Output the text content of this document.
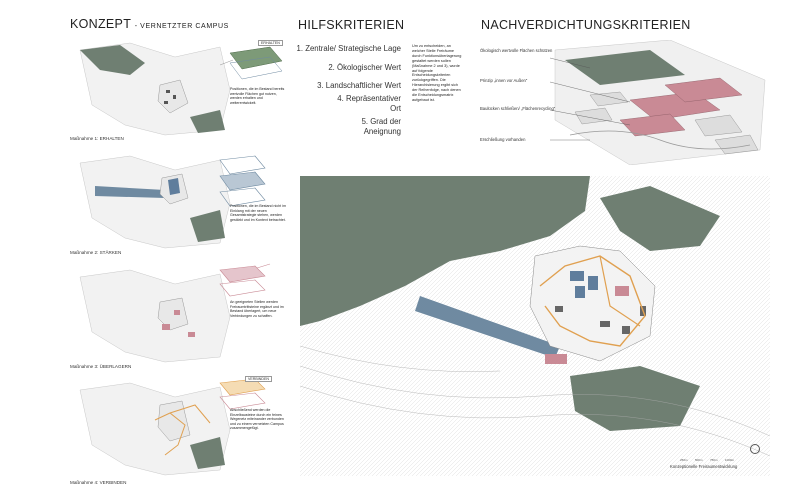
KONZEPT - VERNETZTER CAMPUS
ERHALTEN
Positionen, die im Bestand bereits wertvolle Flächen gut nutzen, werden erhalten und weiterentwickelt.
Maßnahme 1: ERHALTEN
Positionen, die im Bestand nicht im Einklang mit der neuen Gesamtstrategie stehen, werden gestärkt und im Kontext betrachtet.
Maßnahme 2: STÄRKEN
An geeigneten Stellen werden Freiraumtrittsteine ergänzt und im Bestand überlagert, um neue Verbindungen zu schaffen.
Maßnahme 3: ÜBERLAGERN
VERBINDEN
Abschließend werden die Einzelbausteine durch ein feines Wegenetz miteinander verbunden und zu einem vernetzten Campus zusammengefügt.
Maßnahme 4: VERBINDEN
HILFSKRITERIEN
1. Zentrale/ Strategische Lage
2. Ökologischer Wert
3. Landschaftlicher Wert
4. Repräsentativer Ort
5. Grad der Aneignung
Um zu entscheiden, an welcher Stelle Freiräume durch Funktionsüberlagerung gestaltet werden sollen (Maßnahme 2 und 3), wurde auf folgende Entscheidungskriterien zurückgegriffen. Die Hierarchisierung ergibt sich der Reihenfolge, nach denen die Entscheidungsmatrix aufgebaut ist.
NACHVERDICHTUNGSKRITERIEN
Ökologisch wertvolle Flächen schützen
Prinzip „innen vor Außen“
Baulücken schließen/ „Flächenrecycling“
Erschließung vorhanden
250m 500m 750m 1000m
Konzeptionelle Freiraumentwicklung
